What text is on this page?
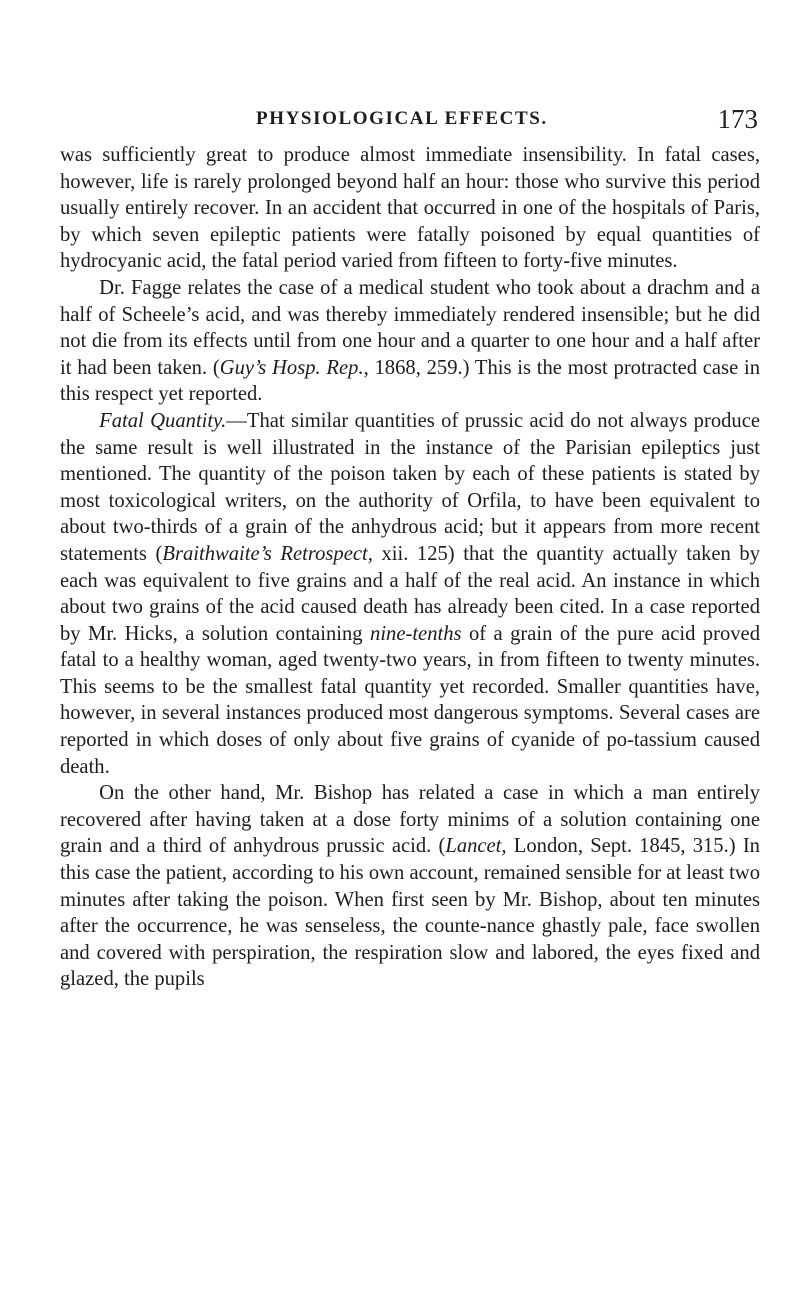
PHYSIOLOGICAL EFFECTS.	173

was sufficiently great to produce almost immediate insensibility. In fatal cases, however, life is rarely prolonged beyond half an hour: those who survive this period usually entirely recover. In an accident that occurred in one of the hospitals of Paris, by which seven epileptic patients were fatally poisoned by equal quantities of hydrocyanic acid, the fatal period varied from fifteen to forty-five minutes.

Dr. Fagge relates the case of a medical student who took about a drachm and a half of Scheele’s acid, and was thereby immediately rendered insensible; but he did not die from its effects until from one hour and a quarter to one hour and a half after it had been taken. (Guy’s Hosp. Rep., 1868, 259.) This is the most protracted case in this respect yet reported.

Fatal Quantity.—That similar quantities of prussic acid do not always produce the same result is well illustrated in the instance of the Parisian epileptics just mentioned. The quantity of the poison taken by each of these patients is stated by most toxicological writers, on the authority of Orfila, to have been equivalent to about two-thirds of a grain of the anhydrous acid; but it appears from more recent statements (Braithwaite’s Retrospect, xii. 125) that the quantity actually taken by each was equivalent to five grains and a half of the real acid. An instance in which about two grains of the acid caused death has already been cited. In a case reported by Mr. Hicks, a solution containing nine-tenths of a grain of the pure acid proved fatal to a healthy woman, aged twenty-two years, in from fifteen to twenty minutes. This seems to be the smallest fatal quantity yet recorded. Smaller quantities have, however, in several instances produced most dangerous symptoms. Several cases are reported in which doses of only about five grains of cyanide of po-tassium caused death.

On the other hand, Mr. Bishop has related a case in which a man entirely recovered after having taken at a dose forty minims of a solution containing one grain and a third of anhydrous prussic acid. (Lancet, London, Sept. 1845, 315.) In this case the patient, according to his own account, remained sensible for at least two minutes after taking the poison. When first seen by Mr. Bishop, about ten minutes after the occurrence, he was senseless, the counte-nance ghastly pale, face swollen and covered with perspiration, the respiration slow and labored, the eyes fixed and glazed, the pupils
